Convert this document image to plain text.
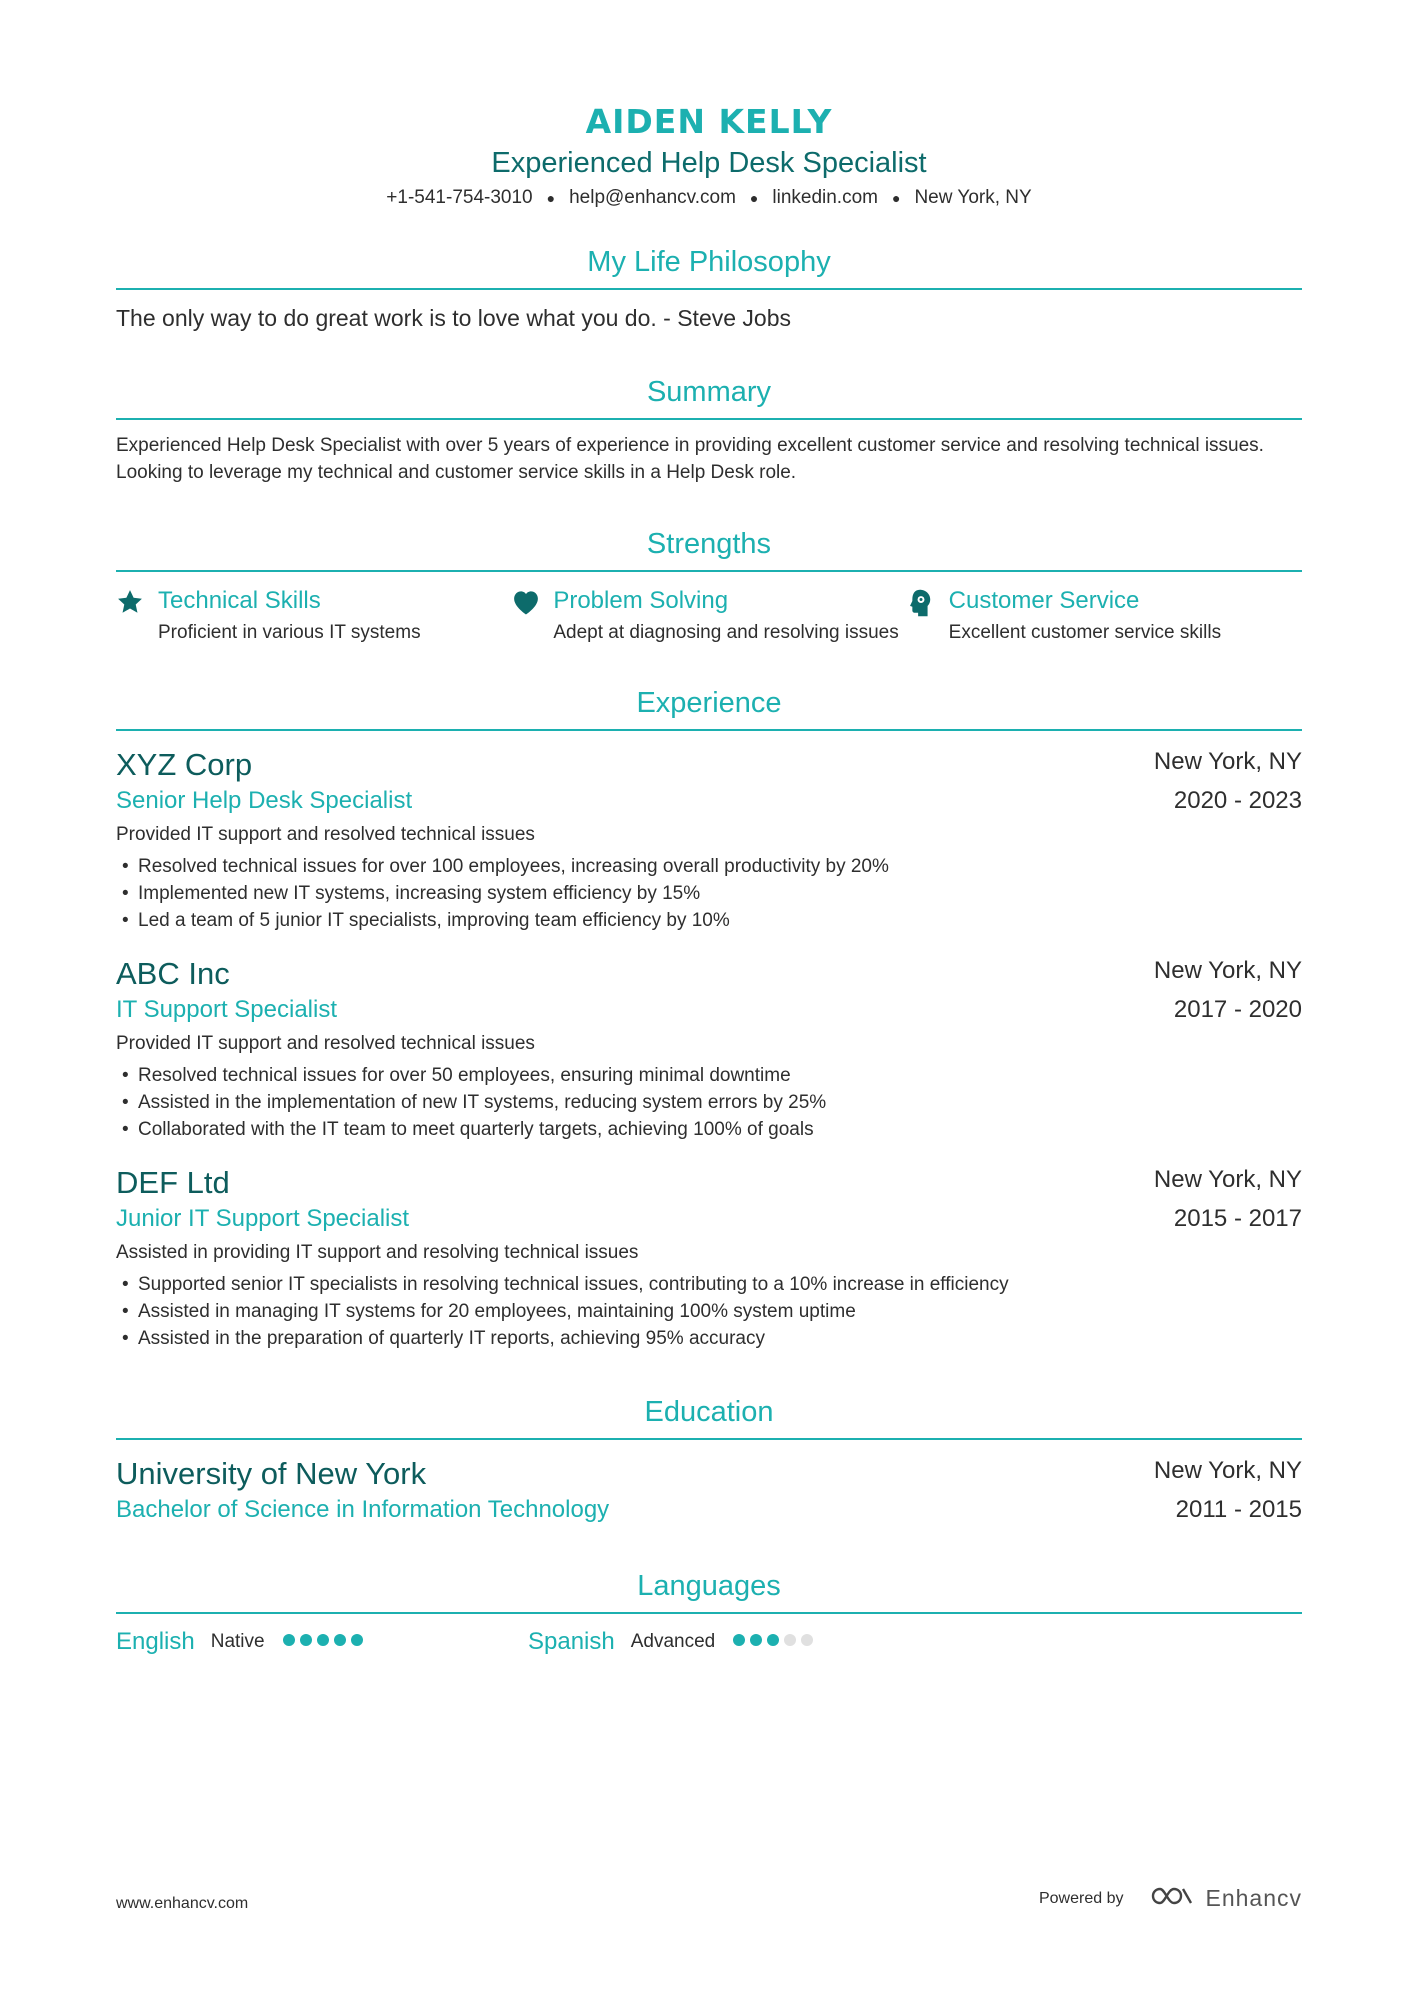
AIDEN KELLY
Experienced Help Desk Specialist
+1-541-754-3010 ● help@enhancv.com ● linkedin.com ● New York, NY
My Life Philosophy
The only way to do great work is to love what you do. - Steve Jobs
Summary
Experienced Help Desk Specialist with over 5 years of experience in providing excellent customer service and resolving technical issues. Looking to leverage my technical and customer service skills in a Help Desk role.
Strengths
Technical Skills
Proficient in various IT systems
Problem Solving
Adept at diagnosing and resolving issues
Customer Service
Excellent customer service skills
Experience
XYZ Corp	New York, NY
Senior Help Desk Specialist	2020 - 2023
Provided IT support and resolved technical issues
• Resolved technical issues for over 100 employees, increasing overall productivity by 20%
• Implemented new IT systems, increasing system efficiency by 15%
• Led a team of 5 junior IT specialists, improving team efficiency by 10%
ABC Inc	New York, NY
IT Support Specialist	2017 - 2020
Provided IT support and resolved technical issues
• Resolved technical issues for over 50 employees, ensuring minimal downtime
• Assisted in the implementation of new IT systems, reducing system errors by 25%
• Collaborated with the IT team to meet quarterly targets, achieving 100% of goals
DEF Ltd	New York, NY
Junior IT Support Specialist	2015 - 2017
Assisted in providing IT support and resolving technical issues
• Supported senior IT specialists in resolving technical issues, contributing to a 10% increase in efficiency
• Assisted in managing IT systems for 20 employees, maintaining 100% system uptime
• Assisted in the preparation of quarterly IT reports, achieving 95% accuracy
Education
University of New York	New York, NY
Bachelor of Science in Information Technology	2011 - 2015
Languages
English Native	Spanish Advanced
www.enhancv.com	Powered by	Enhancv
